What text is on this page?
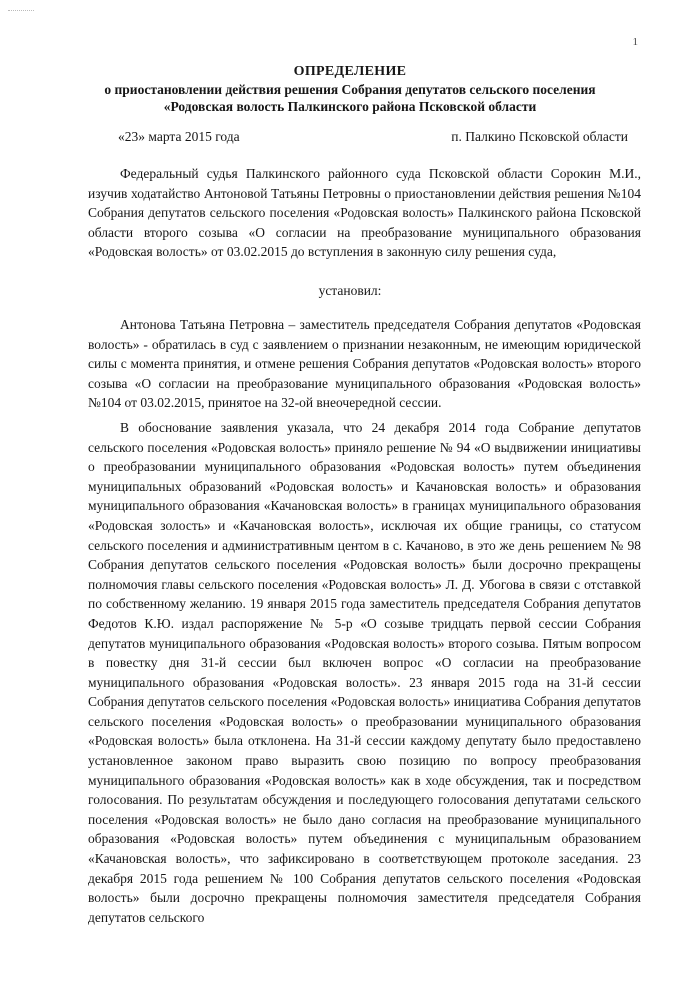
1
ОПРЕДЕЛЕНИЕ
о приостановлении действия решения Собрания депутатов сельского поселения
«Родовская волость Палкинского района Псковской области
«23» марта 2015 года	п. Палкино Псковской области

Федеральный судья Палкинского районного суда Псковской области Сорокин М.И., изучив ходатайство Антоновой Татьяны Петровны о приостановлении действия решения №104 Собрания депутатов сельского поселения «Родовская волость» Палкинского района Псковской области второго созыва «О согласии на преобразование муниципального образования «Родовская волость» от 03.02.2015 до вступления в законную силу решения суда,

установил:

Антонова Татьяна Петровна – заместитель председателя Собрания депутатов «Родовская волость» - обратилась в суд с заявлением о признании незаконным, не имеющим юридической силы с момента принятия, и отмене решения Собрания депутатов «Родовская волость» второго созыва «О согласии на преобразование муниципального образования «Родовская волость» №104 от 03.02.2015, принятое на 32-ой внеочередной сессии.

В обоснование заявления указала, что 24 декабря 2014 года Собрание депутатов сельского поселения «Родовская волость» приняло решение № 94 «О выдвижении инициативы о преобразовании муниципального образования «Родовская волость» путем объединения муниципальных образований «Родовская волость» и Качановская волость» и образования муниципального образования «Качановская волость» в границах муниципального образования «Родовская золость» и «Качановская волость», исключая их общие границы, со статусом сельского поселения и административным центом в с. Качаново, в это же день решением № 98 Собрания депутатов сельского поселения «Родовская волость» были досрочно прекращены полномочия главы сельского поселения «Родовская волость» Л. Д. Убогова в связи с отставкой по собственному желанию. 19 января 2015 года заместитель председателя Собрания депутатов Федотов К.Ю. издал распоряжение № 5-р «О созыве тридцать первой сессии Собрания депутатов муниципального образования «Родовская волость» второго созыва. Пятым вопросом в повестку дня 31-й сессии был включен вопрос «О согласии на преобразование муниципального образования «Родовская волость». 23 января 2015 года на 31-й сессии Собрания депутатов сельского поселения «Родовская волость» инициатива Собрания депутатов сельского поселения «Родовская волость» о преобразовании муниципального образования «Родовская волость» была отклонена. На 31-й сессии каждому депутату было предоставлено установленное законом право выразить свою позицию по вопросу преобразования муниципального образования «Родовская волость» как в ходе обсуждения, так и посредством голосования. По результатам обсуждения и последующего голосования депутатами сельского поселения «Родовская волость» не было дано согласия на преобразование муниципального образования «Родовская волость» путем объединения с муниципальным образованием «Качановская волость», что зафиксировано в соответствующем протоколе заседания. 23 декабря 2015 года решением № 100 Собрания депутатов сельского поселения «Родовская волость» были досрочно прекращены полномочия заместителя председателя Собрания депутатов сельского
